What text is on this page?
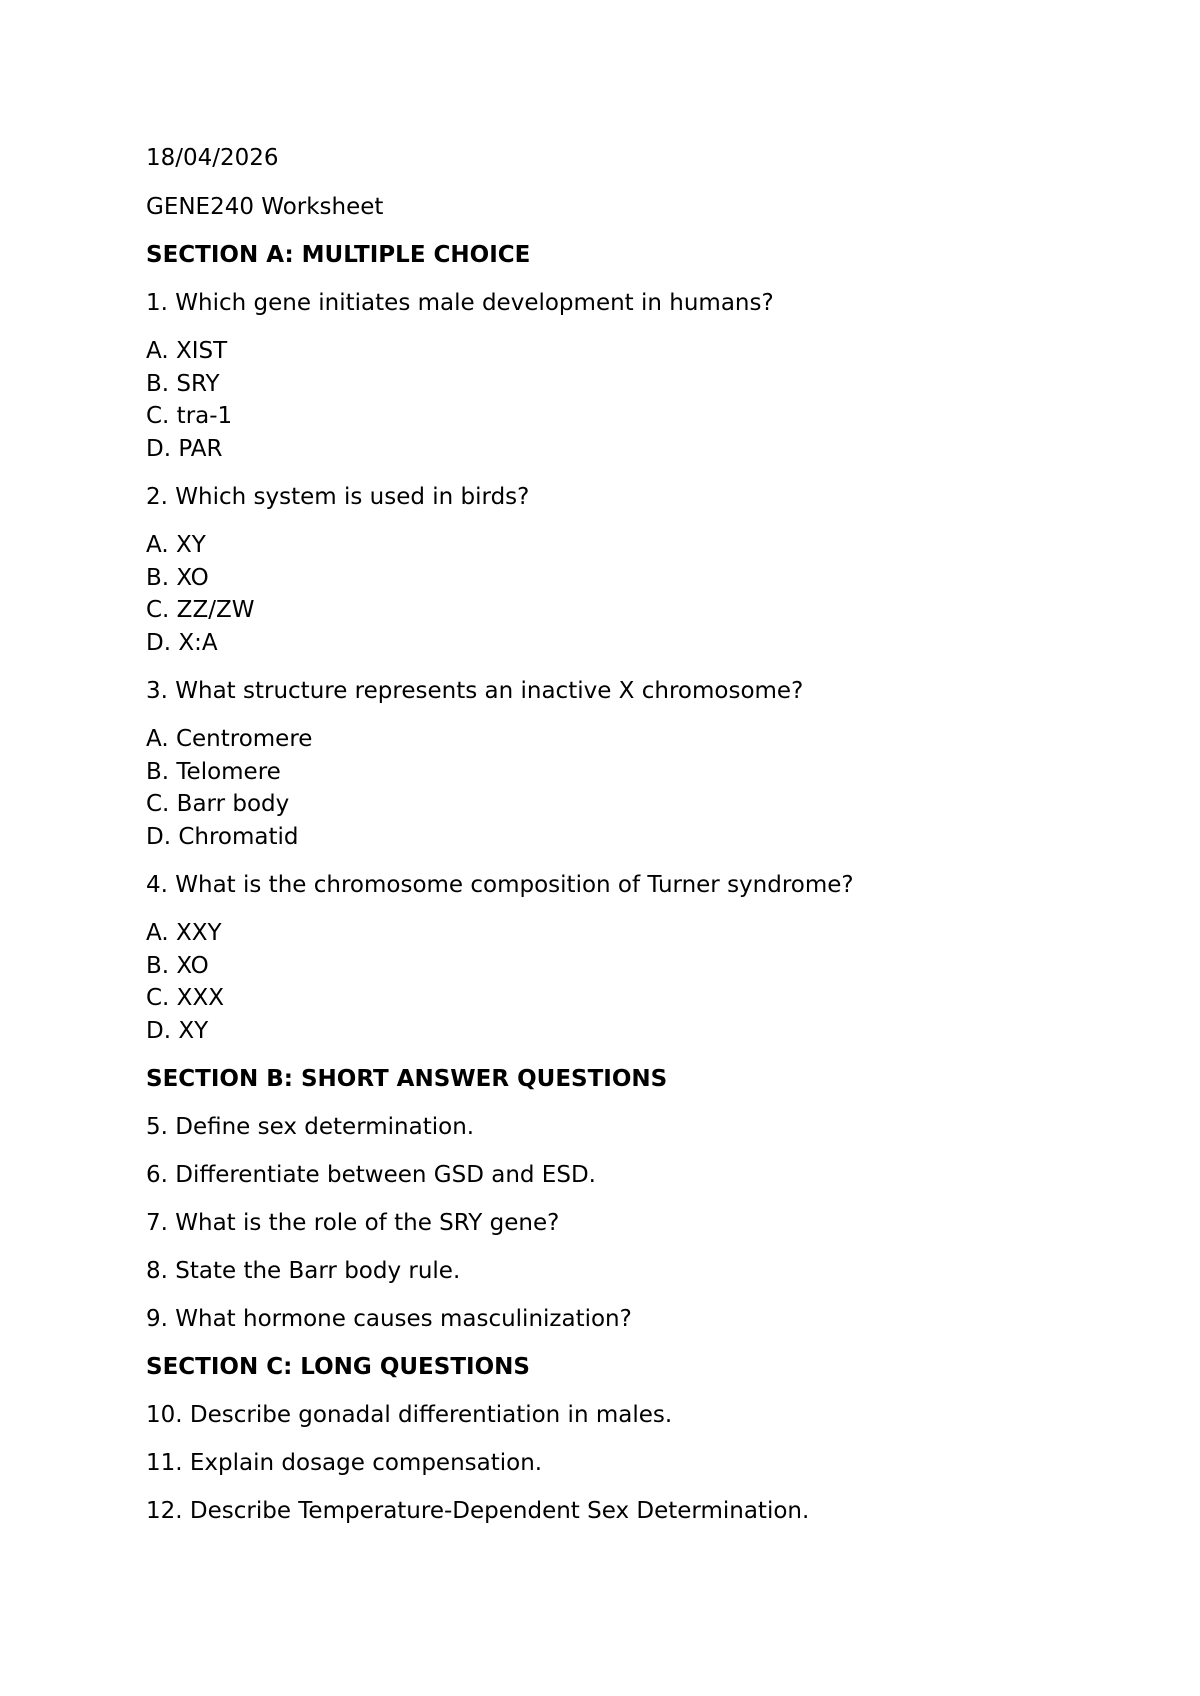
18/04/2026

GENE240 Worksheet

SECTION A: MULTIPLE CHOICE

1. Which gene initiates male development in humans?

A. XIST

B. SRY

C. tra-1

D. PAR

2. Which system is used in birds?

A. XY

B. XO

C. ZZ/ZW

D. X:A

3. What structure represents an inactive X chromosome?

A. Centromere

B. Telomere

C. Barr body

D. Chromatid

4. What is the chromosome composition of Turner syndrome?

A. XXY

B. XO

C. XXX

D. XY

SECTION B: SHORT ANSWER QUESTIONS

5. Define sex determination.

6. Differentiate between GSD and ESD.

7. What is the role of the SRY gene?

8. State the Barr body rule.

9. What hormone causes masculinization?

SECTION C: LONG QUESTIONS

10. Describe gonadal differentiation in males.

11. Explain dosage compensation.

12. Describe Temperature-Dependent Sex Determination.
